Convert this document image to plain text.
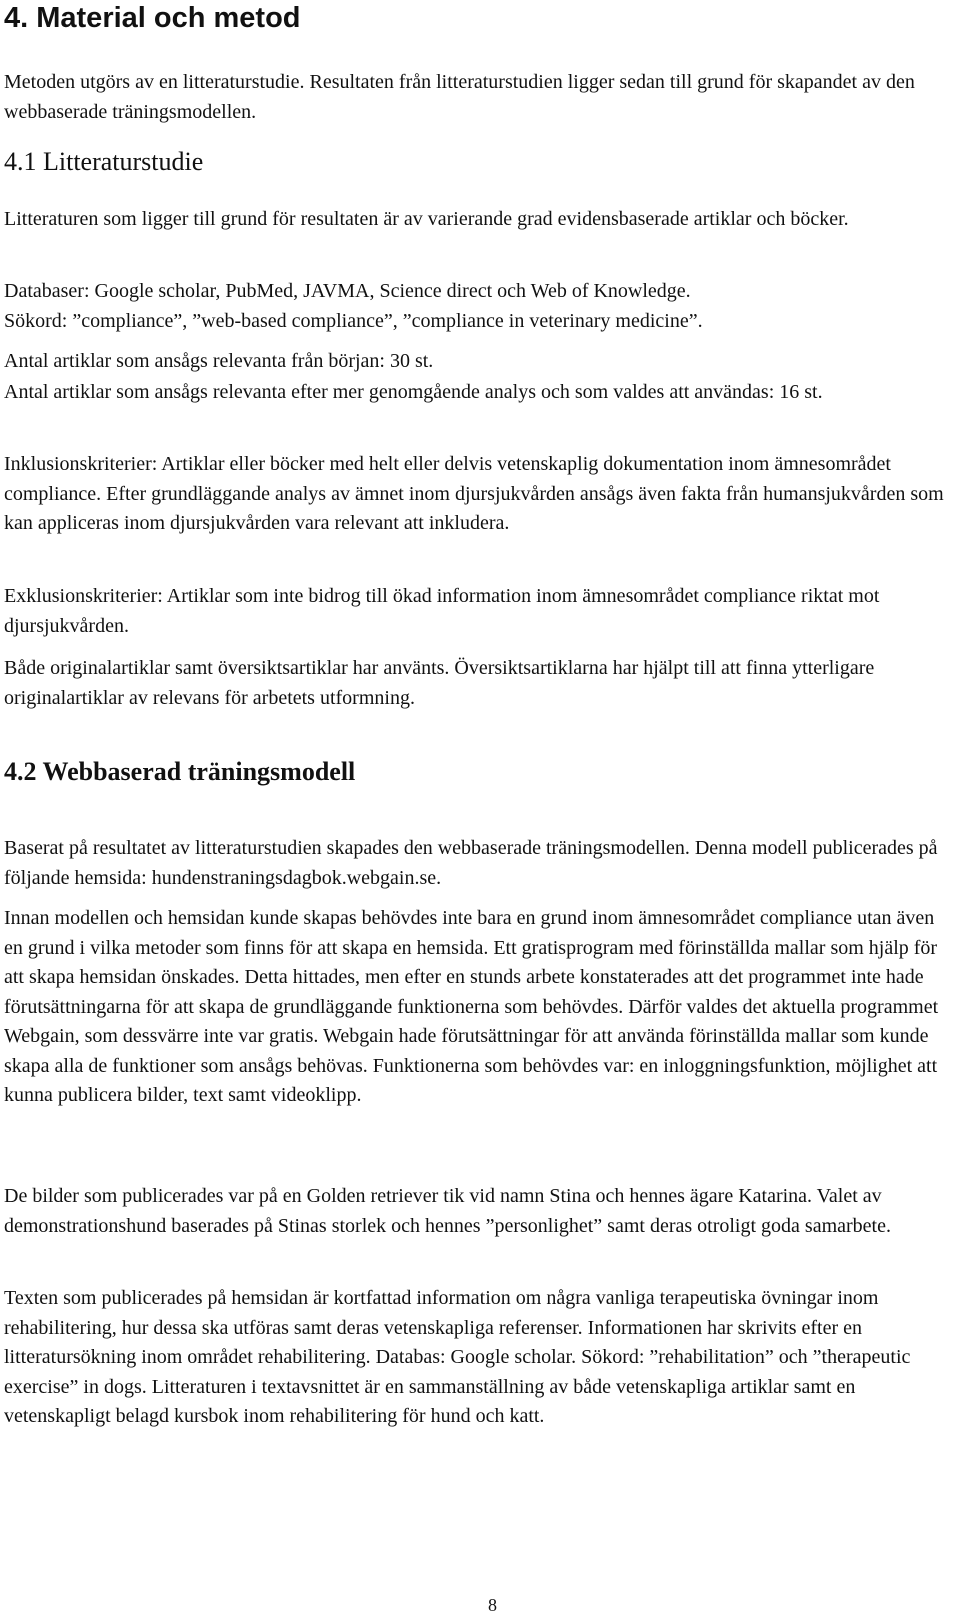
4. Material och metod

Metoden utgörs av en litteraturstudie. Resultaten från litteraturstudien ligger sedan till grund för skapandet av den webbaserade träningsmodellen.

4.1 Litteraturstudie

Litteraturen som ligger till grund för resultaten är av varierande grad evidensbaserade artiklar och böcker.

Databaser: Google scholar, PubMed, JAVMA, Science direct och Web of Knowledge.

Sökord: ”compliance”, ”web-based compliance”, ”compliance in veterinary medicine”.

Antal artiklar som ansågs relevanta från början: 30 st.

Antal artiklar som ansågs relevanta efter mer genomgående analys och som valdes att användas: 16 st.

Inklusionskriterier: Artiklar eller böcker med helt eller delvis vetenskaplig dokumentation inom ämnesområdet compliance. Efter grundläggande analys av ämnet inom djursjukvården ansågs även fakta från humansjukvården som kan appliceras inom djursjukvården vara relevant att inkludera.

Exklusionskriterier: Artiklar som inte bidrog till ökad information inom ämnesområdet compliance riktat mot djursjukvården.

Både originalartiklar samt översiktsartiklar har använts. Översiktsartiklarna har hjälpt till att finna ytterligare originalartiklar av relevans för arbetets utformning.

4.2 Webbaserad träningsmodell

Baserat på resultatet av litteraturstudien skapades den webbaserade träningsmodellen. Denna modell publicerades på följande hemsida: hundenstraningsdagbok.webgain.se.

Innan modellen och hemsidan kunde skapas behövdes inte bara en grund inom ämnesområdet compliance utan även en grund i vilka metoder som finns för att skapa en hemsida. Ett gratisprogram med förinställda mallar som hjälp för att skapa hemsidan önskades. Detta hittades, men efter en stunds arbete konstaterades att det programmet inte hade förutsättningarna för att skapa de grundläggande funktionerna som behövdes. Därför valdes det aktuella programmet Webgain, som dessvärre inte var gratis. Webgain hade förutsättningar för att använda förinställda mallar som kunde skapa alla de funktioner som ansågs behövas. Funktionerna som behövdes var: en inloggningsfunktion, möjlighet att kunna publicera bilder, text samt videoklipp.

De bilder som publicerades var på en Golden retriever tik vid namn Stina och hennes ägare Katarina. Valet av demonstrationshund baserades på Stinas storlek och hennes ”personlighet” samt deras otroligt goda samarbete.

Texten som publicerades på hemsidan är kortfattad information om några vanliga terapeutiska övningar inom rehabilitering, hur dessa ska utföras samt deras vetenskapliga referenser. Informationen har skrivits efter en litteratursökning inom området rehabilitering. Databas: Google scholar. Sökord: ”rehabilitation” och ”therapeutic exercise” in dogs. Litteraturen i textavsnittet är en sammanställning av både vetenskapliga artiklar samt en vetenskapligt belagd kursbok inom rehabilitering för hund och katt.

8
